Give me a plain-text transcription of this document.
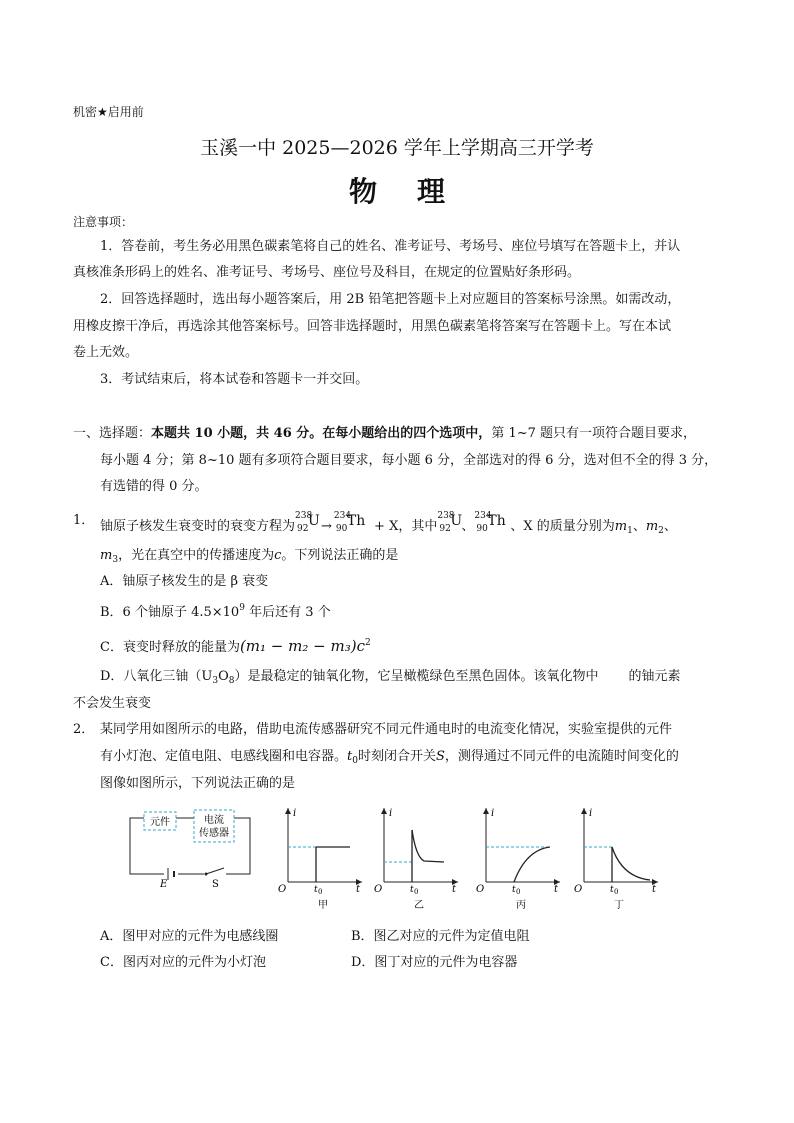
机密★启用前
玉溪一中 2025—2026 学年上学期高三开学考
物理
注意事项：
1．答卷前，考生务必用黑色碳素笔将自己的姓名、准考证号、考场号、座位号填写在答题卡上，并认
真核准条形码上的姓名、准考证号、考场号、座位号及科目，在规定的位置贴好条形码。
2．回答选择题时，选出每小题答案后，用 2B 铅笔把答题卡上对应题目的答案标号涂黑。如需改动，
用橡皮擦干净后，再选涂其他答案标号。回答非选择题时，用黑色碳素笔将答案写在答题卡上。写在本试
卷上无效。
3．考试结束后，将本试卷和答题卡一并交回。
一、选择题：本题共 10 小题，共 46 分。在每小题给出的四个选项中，第 1~7 题只有一项符合题目要求，
每小题 4 分；第 8~10 题有多项符合题目要求，每小题 6 分，全部选对的得 6 分，选对但不全的得 3 分，
有选错的得 0 分。
1． 铀原子核发生衰变时的衰变方程为
238
92 U →
234
90 Th + X，其中
238
92 U 、
234
90 Th 、X 的质量分别为$m_1$、$m_2$、
$m_3$，光在真空中的传播速度为c。下列说法正确的是
A．铀原子核发生的是 β 衰变
B．6 个铀原子 $4.5\times 10^9$ 年后还有 3 个
C．衰变时释放的能量为$(m_1 - m_2 - m_3)c^2$
D．八氧化三铀$(U_3O_8)$是最稳定的铀氧化物，它呈橄榄绿色至黑色固体。该氧化物中 的铀元素
不会发生衰变
2． 某同学用如图所示的电路，借助电流传感器研究不同元件通电时的电流变化情况，实验室提供的元件
有小灯泡、定值电阻、电感线圈和电容器。$t_0$时刻闭合开关S，测得通过不同元件的电流随时间变化的
图像如图所示，下列说法正确的是
元件	电流
传感器
E	S
i
O	t
t 0
甲
i
O	t
t 0
乙
i
O	t
t 0
丙
i
O	t
t 0
丁
A．图甲对应的元件为电感线圈	B．图乙对应的元件为定值电阻
C．图丙对应的元件为小灯泡	D．图丁对应的元件为电容器
